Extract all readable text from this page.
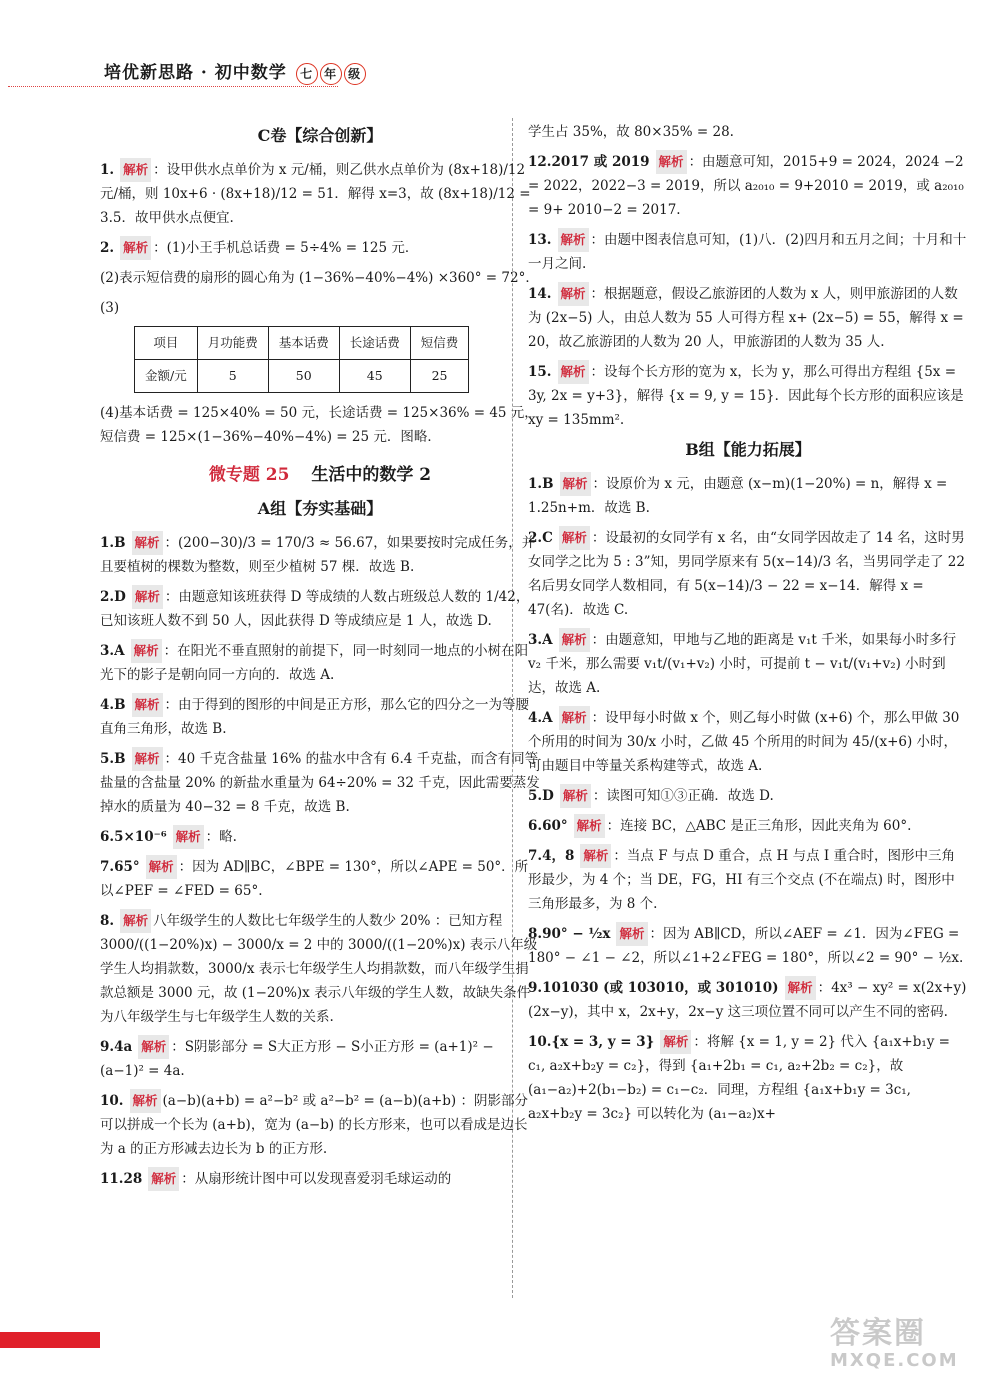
培优新思路 · 初中数学 七 年 级
C卷【综合创新】
1. 解析 ：设甲供水点单价为 x 元/桶，则乙供水点单价为 (8x+18)/12 元/桶，则 10x+6 · (8x+18)/12 = 51．解得 x=3，故 (8x+18)/12 = 3.5．故甲供水点便宜.
2. 解析 ：(1)小王手机总话费 = 5÷4% = 125 元．
(2)表示短信费的扇形的圆心角为 (1−36%−40%−4%) ×360° = 72°．
(3)
项目	月功能费	基本话费	长途话费	短信费
金额/元	5	50	45	25
(4)基本话费 = 125×40% = 50 元，长途话费 = 125×36% = 45 元，短信费 = 125×(1−36%−40%−4%) = 25 元．图略．
微专题 25 生活中的数学 2
A组【夯实基础】
1.B 解析 ：(200−30)/3 = 170/3 ≈ 56.67，如果要按时完成任务，并且要植树的棵数为整数，则至少植树 57 棵．故选 B.
2.D 解析 ：由题意知该班获得 D 等成绩的人数占班级总人数的 1/42，已知该班人数不到 50 人，因此获得 D 等成绩应是 1 人，故选 D.
3.A 解析 ：在阳光不垂直照射的前提下，同一时刻同一地点的小树在阳光下的影子是朝向同一方向的．故选 A.
4.B 解析 ：由于得到的图形的中间是正方形，那么它的四分之一为等腰直角三角形，故选 B.
5.B 解析 ：40 千克含盐量 16% 的盐水中含有 6.4 千克盐，而含有同等盐量的含盐量 20% 的新盐水重量为 64÷20% = 32 千克，因此需要蒸发掉水的质量为 40−32 = 8 千克，故选 B.
6.5×10⁻⁶ 解析 ：略.
7.65° 解析 ：因为 AD∥BC，∠BPE = 130°，所以∠APE = 50°．所以∠PEF = ∠FED = 65°.
8. 解析 八年级学生的人数比七年级学生的人数少 20% ：已知方程 3000/((1−20%)x) − 3000/x = 2 中的 3000/((1−20%)x) 表示八年级学生人均捐款数，3000/x 表示七年级学生人均捐款数，而八年级学生捐款总额是 3000 元，故 (1−20%)x 表示八年级的学生人数，故缺失条件为八年级学生与七年级学生人数的关系.
9.4a 解析 ：S阴影部分 = S大正方形 − S小正方形 = (a+1)² − (a−1)² = 4a.
10. 解析 (a−b)(a+b) = a²−b² 或 a²−b² = (a−b)(a+b) ：阴影部分可以拼成一个长为 (a+b)，宽为 (a−b) 的长方形来，也可以看成是边长为 a 的正方形减去边长为 b 的正方形.
11.28 解析 ：从扇形统计图中可以发现喜爱羽毛球运动的
学生占 35%，故 80×35% = 28.
12.2017 或 2019 解析 ：由题意可知，2015+9 = 2024，2024 −2 = 2022，2022−3 = 2019，所以 a₂₀₁₀ = 9+2010 = 2019，或 a₂₀₁₀ = 9+ 2010−2 = 2017.
13. 解析 ：由题中图表信息可知，(1)八．(2)四月和五月之间；十月和十一月之间.
14. 解析 ：根据题意，假设乙旅游团的人数为 x 人，则甲旅游团的人数为 (2x−5) 人，由总人数为 55 人可得方程 x+ (2x−5) = 55，解得 x = 20，故乙旅游团的人数为 20 人，甲旅游团的人数为 35 人.
15. 解析 ：设每个长方形的宽为 x，长为 y，那么可得出方程组 {5x = 3y, 2x = y+3}，解得 {x = 9, y = 15}．因此每个长方形的面积应该是 xy = 135mm².
B组【能力拓展】
1.B 解析 ：设原价为 x 元，由题意 (x−m)(1−20%) = n，解得 x = 1.25n+m．故选 B.
2.C 解析 ：设最初的女同学有 x 名，由“女同学因故走了 14 名，这时男女同学之比为 5 : 3”知，男同学原来有 5(x−14)/3 名，当男同学走了 22 名后男女同学人数相同，有 5(x−14)/3 − 22 = x−14．解得 x = 47(名)．故选 C.
3.A 解析 ：由题意知，甲地与乙地的距离是 v₁t 千米，如果每小时多行 v₂ 千米，那么需要 v₁t/(v₁+v₂) 小时，可提前 t − v₁t/(v₁+v₂) 小时到达，故选 A.
4.A 解析 ：设甲每小时做 x 个，则乙每小时做 (x+6) 个，那么甲做 30 个所用的时间为 30/x 小时，乙做 45 个所用的时间为 45/(x+6) 小时，可由题目中等量关系构建等式，故选 A.
5.D 解析 ：读图可知①③正确．故选 D.
6.60° 解析 ：连接 BC，△ABC 是正三角形，因此夹角为 60°.
7.4，8 解析 ：当点 F 与点 D 重合，点 H 与点 I 重合时，图形中三角形最少，为 4 个；当 DE，FG，HI 有三个交点 (不在端点) 时，图形中三角形最多，为 8 个.
8.90° − ½x 解析 ：因为 AB∥CD，所以∠AEF = ∠1．因为∠FEG = 180° − ∠1 − ∠2，所以∠1+2∠FEG = 180°，所以∠2 = 90° − ½x.
9.101030 (或 103010，或 301010) 解析 ：4x³ − xy² = x(2x+y)(2x−y)，其中 x，2x+y，2x−y 这三项位置不同可以产生不同的密码.
10.{x = 3, y = 3} 解析 ：将解 {x = 1, y = 2} 代入 {a₁x+b₁y = c₁, a₂x+b₂y = c₂}，得到 {a₁+2b₁ = c₁, a₂+2b₂ = c₂}，故 (a₁−a₂)+2(b₁−b₂) = c₁−c₂．同理，方程组 {a₁x+b₁y = 3c₁, a₂x+b₂y = 3c₂} 可以转化为 (a₁−a₂)x+
答案圈
MXQE.COM
